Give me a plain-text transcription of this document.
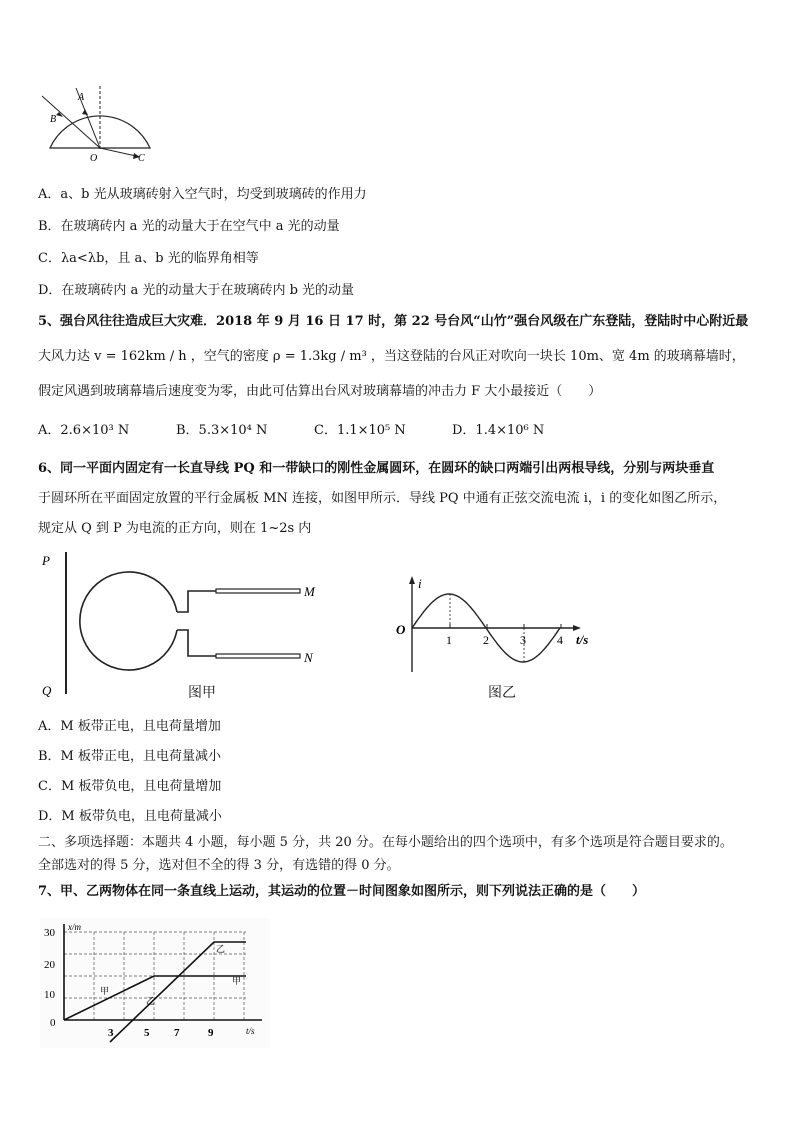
A
B
O	C
A．a、b 光从玻璃砖射入空气时，均受到玻璃砖的作用力
B．在玻璃砖内 a 光的动量大于在空气中 a 光的动量
C．λa<λb，且 a、b 光的临界角相等
D．在玻璃砖内 a 光的动量大于在玻璃砖内 b 光的动量
5、强台风往往造成巨大灾难．2018 年 9 月 16 日 17 时，第 22 号台风“山竹”强台风级在广东登陆，登陆时中心附近最
大风力达 v = 162km / h ，空气的密度 ρ = 1.3kg / m³ ，当这登陆的台风正对吹向一块长 10m、宽 4m 的玻璃幕墙时，
假定风遇到玻璃幕墙后速度变为零，由此可估算出台风对玻璃幕墙的冲击力 F 大小最接近（　　）
A．2.6×10³ N	B．5.3×10⁴ N	C．1.1×10⁵ N	D．1.4×10⁶ N
6、同一平面内固定有一长直导线 PQ 和一带缺口的刚性金属圆环，在圆环的缺口两端引出两根导线，分别与两块垂直
于圆环所在平面固定放置的平行金属板 MN 连接，如图甲所示．导线 PQ 中通有正弦交流电流 i，i 的变化如图乙所示，
规定从 Q 到 P 为电流的正方向，则在 1~2s 内
P
Q
M
N
图甲
i
O
1	2	3	4 t/s
图乙
A．M 板带正电，且电荷量增加
B．M 板带正电，且电荷量减小
C．M 板带负电，且电荷量增加
D．M 板带负电，且电荷量减小
二、多项选择题：本题共 4 小题，每小题 5 分，共 20 分。在每小题给出的四个选项中，有多个选项是符合题目要求的。
全部选对的得 5 分，选对但不全的得 3 分，有选错的得 0 分。
7、甲、乙两物体在同一条直线上运动，其运动的位置－时间图象如图所示，则下列说法正确的是（　　）
x/m
30
20
10
0
3	5 7	9	t/s
甲
甲
乙
乙
